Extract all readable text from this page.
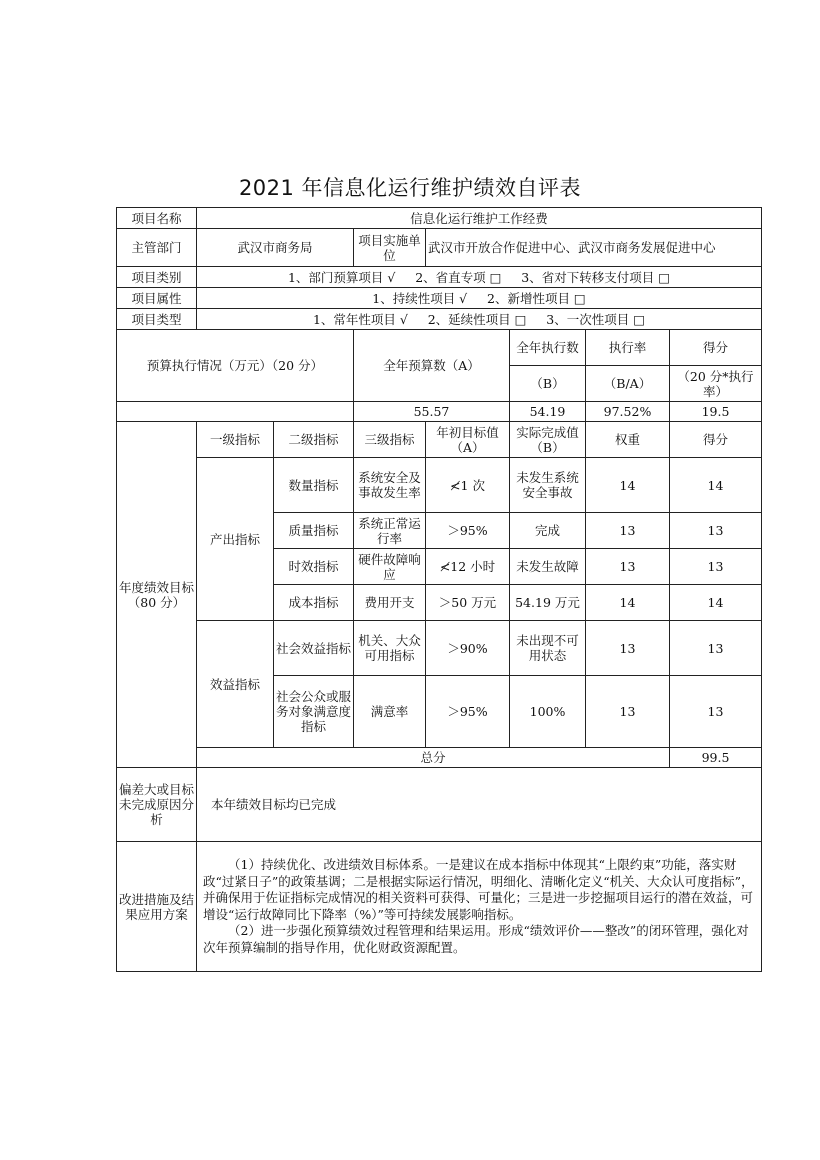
2021 年信息化运行维护绩效自评表
项目名称	信息化运行维护工作经费						
主管部门	武汉市商务局		项目实施单位	武汉市开放合作促进中心、武汉市商务发展促进中心			
项目类别	1、部门预算项目 √     2、省直专项 □     3、省对下转移支付项目 □						
项目属性	1、持续性项目 √     2、新增性项目 □						
项目类型	1、常年性项目 √     2、延续性项目 □     3、一次性项目 □						
预算执行情况（万元）（20 分）			全年预算数（A）		全年执行数	执行率	得分
					（B）	（B/A）	（20 分*执行率）
			55.57		54.19	97.52%	19.5
年度绩效目标（80 分）	一级指标	二级指标	三级指标	年初目标值（A）	实际完成值（B）	权重	得分
	产出指标	数量指标	系统安全及事故发生率	≮1 次	未发生系统安全事故	14	14
		质量指标	系统正常运行率	＞95%	完成	13	13
		时效指标	硬件故障响应	≮12 小时	未发生故障	13	13
		成本指标	费用开支	＞50 万元	54.19 万元	14	14
	效益指标	社会效益指标	机关、大众可用指标	＞90%	未出现不可用状态	13	13
		社会公众或服务对象满意度指标	满意率	＞95%	100%	13	13
	总分						99.5
偏差大或目标未完成原因分析	本年绩效目标均已完成						
改进措施及结果应用方案	（1）持续优化、改进绩效目标体系。一是建议在成本指标中体现其“上限约束”功能，落实财政“过紧日子”的政策基调；二是根据实际运行情况，明细化、清晰化定义“机关、大众认可度指标”，并确保用于佐证指标完成情况的相关资料可获得、可量化；三是进一步挖掘项目运行的潜在效益，可增设“运行故障同比下降率（%）”等可持续发展影响指标。
（2）进一步强化预算绩效过程管理和结果运用。形成“绩效评价——整改”的闭环管理，强化对次年预算编制的指导作用，优化财政资源配置。						
